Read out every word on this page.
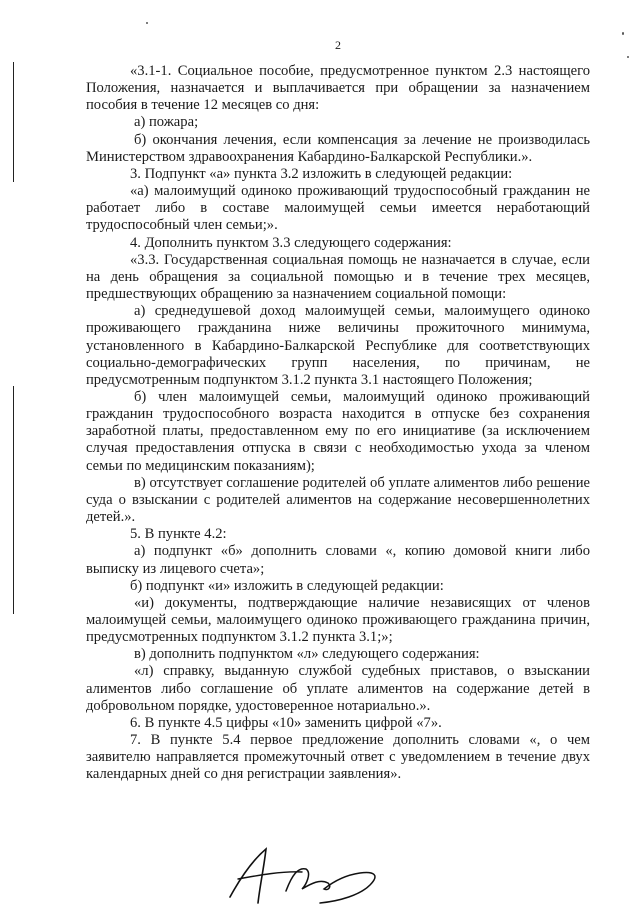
2

«3.1-1. Социальное пособие, предусмотренное пунктом 2.3 настоящего Положения, назначается и выплачивается при обращении за назначением пособия в течение 12 месяцев со дня:

а) пожара;

б) окончания лечения, если компенсация за лечение не производилась Министерством здравоохранения Кабардино-Балкарской Республики.».

3. Подпункт «а» пункта 3.2 изложить в следующей редакции:

«а) малоимущий одиноко проживающий трудоспособный гражданин не работает либо в составе малоимущей семьи имеется неработающий трудоспособный член семьи;».

4. Дополнить пунктом 3.3 следующего содержания:

«3.3. Государственная социальная помощь не назначается в случае, если на день обращения за социальной помощью и в течение трех месяцев, предшествующих обращению за назначением социальной помощи:

а) среднедушевой доход малоимущей семьи, малоимущего одиноко проживающего гражданина ниже величины прожиточного минимума, установленного в Кабардино-Балкарской Республике для соответствующих социально-демографических групп населения, по причинам, не предусмотренным подпунктом 3.1.2 пункта 3.1 настоящего Положения;

б) член малоимущей семьи, малоимущий одиноко проживающий гражданин трудоспособного возраста находится в отпуске без сохранения заработной платы, предоставленном ему по его инициативе (за исключением случая предоставления отпуска в связи с необходимостью ухода за членом семьи по медицинским показаниям);

в) отсутствует соглашение родителей об уплате алиментов либо решение суда о взыскании с родителей алиментов на содержание несовершеннолетних детей.».

5. В пункте 4.2:

а) подпункт «б» дополнить словами «, копию домовой книги либо выписку из лицевого счета»;

б) подпункт «и» изложить в следующей редакции:

«и) документы, подтверждающие наличие независящих от членов малоимущей семьи, малоимущего одиноко проживающего гражданина причин, предусмотренных подпунктом 3.1.2 пункта 3.1;»;

в) дополнить подпунктом «л» следующего содержания:

«л) справку, выданную службой судебных приставов, о взыскании алиментов либо соглашение об уплате алиментов на содержание детей в добровольном порядке, удостоверенное нотариально.».

6. В пункте 4.5 цифры «10» заменить цифрой «7».

7. В пункте 5.4 первое предложение дополнить словами «, о чем заявителю направляется промежуточный ответ с уведомлением в течение двух календарных дней со дня регистрации заявления».
